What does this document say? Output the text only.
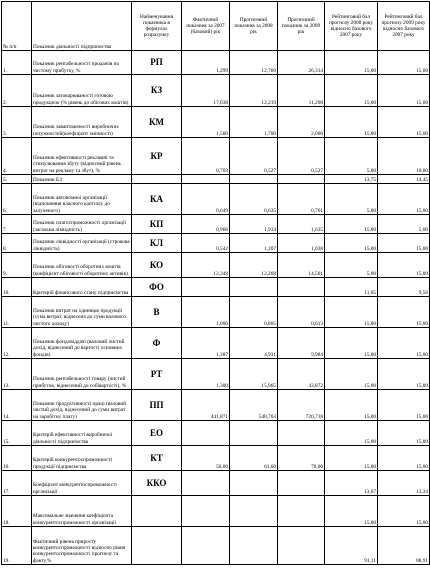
№ п/п	Показник діяльності підприємства	Найменування показника в формулах розрахунку	Фактичний показник за 2007 (базовий) рік	Прогнозний показник за 2008 рік	Прогнозний показник за 2009 рік	Рейтинговий бал прогнозу 2008 року відносно базового 2007 року	Рейтинговий бал прогнозу 2009 року відносно базового 2007 року
1.	Показник рентабельності продажів по чистому прибутку, %	РП	1,299	12,760	26,314	15,00	15,00
2.	Показник затоварюваності готовою продукцією (% рівень до обігових коштів)	КЗ	17,638	12,219	11,298	15,00	15,00
3.	Показник завантаженості виробничих потужностей(коефіцієнт змінності)	КМ	1,500	1,700	2,000	15,00	15,00
4.	Показник ефективності рекламні та стимулювання збуту (відносний рівень витрат на рекламу та збут), %	КР	0,703	0,527	0,527	5,00	10,00
5.	Показник ЕЗ					13,75	14,45
6.	Показник автономної організації (відношення власного капіталу до залученого)	КА	0,649	0,635	0,761	5,00	15,00
7.	Показник платоспроможності організації (загальна ліквідність)	КП	0,966	1,934	1,635	15,00	5,00
8.	Показник ліквідності організації (строкова ліквідність)	КЛ	0,542	1,207	1,038	15,00	15,00
9.	Показник обіговості оборотних коштів (коефіцієнт обіговості оборотних активів)	КО	12,348	12,268	14,501	5,00	15,00
10.	Критерій фінансового стану підприємства	ФО				11,05	9,56
11.	Показник витрат на одиницю продукції (сума витрат, віднесена до суми валового чистого доходу)	В	1,000	0,805	0,613	15,00	15,00
12.	Показник фондовіддачі (валовий чистий дохід, віднесений до вартості основних фондів)	Ф	1,387	4,931	9,984	15,00	15,00
13.	Показник рентабельності товару (чистий прибуток, віднесений до собівартості), %	РТ	1,300	15,965	43,872	15,00	15,00
14.	Показник продуктивності праці (валовий чистий дохід, віднесений до суми витрат на заробітну плату)	ПП	441,871	548,763	720,718	15,00	15,00
15.	Критерій ефективності виробничої діяльності підприємства	ЕО				15,00	15,00
16.	Критерій конкурентоспроможності продукції підприємства	КТ	56,00	61,60	70,00	15,00	15,00
17.	Коефіцієнт конкурентоспроможності організації	ККО				13,67	13,34
18.	Максимальне значення коефіцієнта конкурентоспроможності організації					15,00	15,00
19.	Фактичний рівень приросту конкурентоспроможності відносно рівня конкурентоспроможності прогнозу та факту,%					91,11	88,91
